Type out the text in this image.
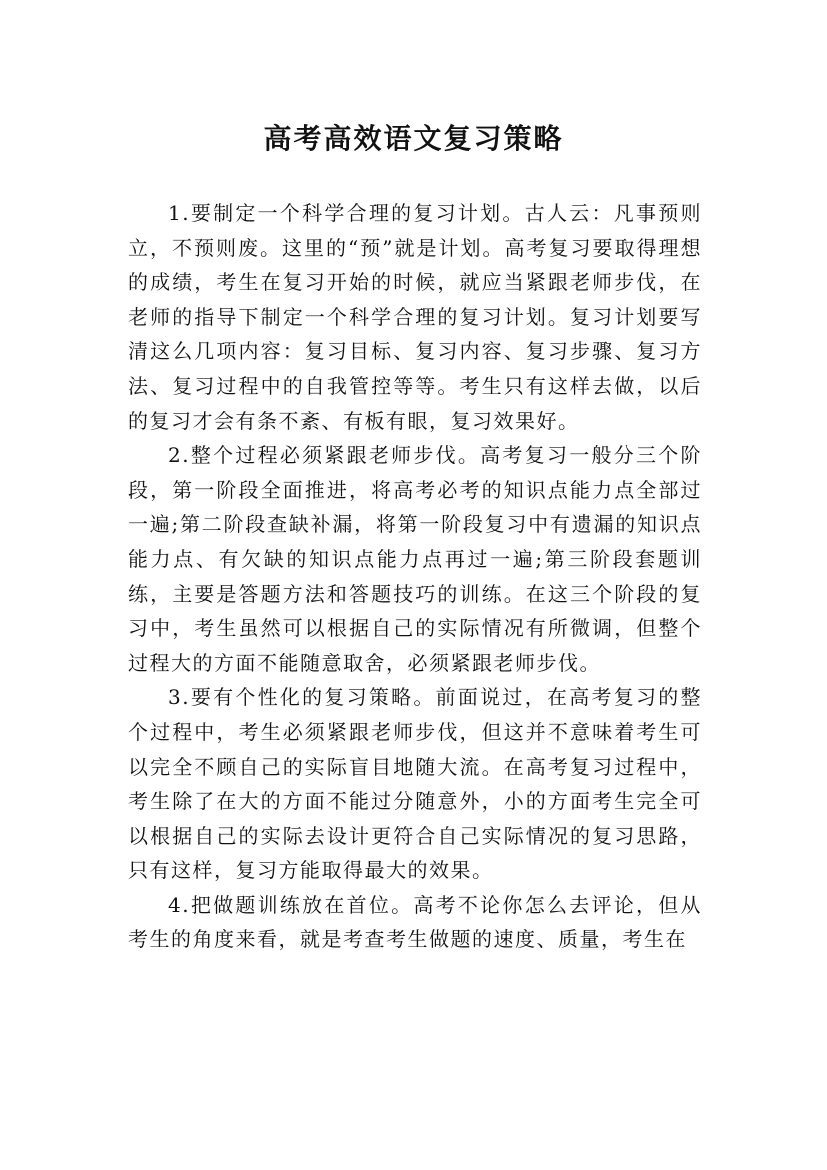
高考高效语文复习策略

1.要制定一个科学合理的复习计划。古人云：凡事预则立，不预则废。这里的“预”就是计划。高考复习要取得理想的成绩，考生在复习开始的时候，就应当紧跟老师步伐，在老师的指导下制定一个科学合理的复习计划。复习计划要写清这么几项内容：复习目标、复习内容、复习步骤、复习方法、复习过程中的自我管控等等。考生只有这样去做，以后的复习才会有条不紊、有板有眼，复习效果好。

2.整个过程必须紧跟老师步伐。高考复习一般分三个阶段，第一阶段全面推进，将高考必考的知识点能力点全部过一遍;第二阶段查缺补漏，将第一阶段复习中有遗漏的知识点能力点、有欠缺的知识点能力点再过一遍;第三阶段套题训练，主要是答题方法和答题技巧的训练。在这三个阶段的复习中，考生虽然可以根据自己的实际情况有所微调，但整个过程大的方面不能随意取舍，必须紧跟老师步伐。

3.要有个性化的复习策略。前面说过，在高考复习的整个过程中，考生必须紧跟老师步伐，但这并不意味着考生可以完全不顾自己的实际盲目地随大流。在高考复习过程中，考生除了在大的方面不能过分随意外，小的方面考生完全可以根据自己的实际去设计更符合自己实际情况的复习思路，只有这样，复习方能取得最大的效果。

4.把做题训练放在首位。高考不论你怎么去评论，但从考生的角度来看，就是考查考生做题的速度、质量，考生在
